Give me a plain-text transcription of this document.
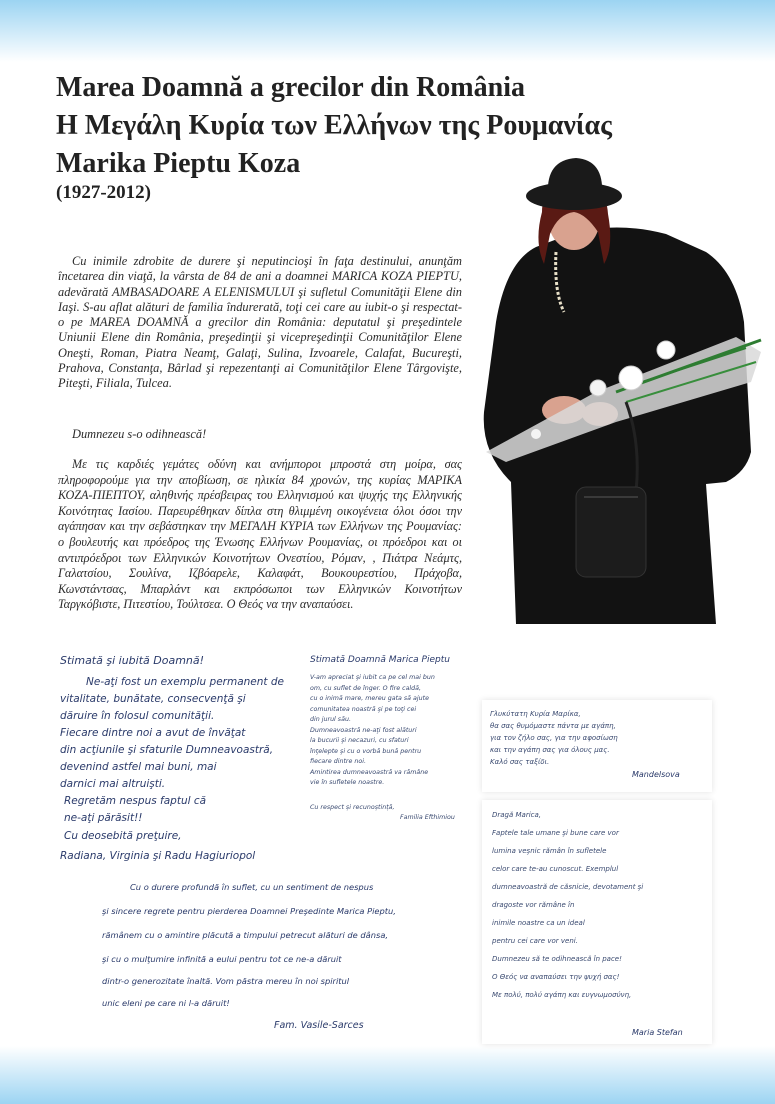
Marea Doamnă a grecilor din România
Η Μεγάλη Κυρία των Ελλήνων της Ρουμανίας
Marika Pieptu Koza
(1927-2012)

Cu inimile zdrobite de durere şi neputincioşi în faţa destinului, anunţăm încetarea din viaţă, la vârsta de 84 de ani a doamnei MARICA KOZA PIEPTU, adevărată AMBASADOARE A ELENISMULUI şi sufletul Comunităţii Elene din Iaşi. S-au aflat alături de familia îndurerată, toţi cei care au iubit-o şi respectat-o pe MAREA DOAMNĂ a grecilor din România: deputatul şi preşedintele Uniunii Elene din România, preşedinţii şi vicepreşedinţii Comunităţilor Elene Oneşti, Roman, Piatra Neamţ, Galaţi, Sulina, Izvoarele, Calafat, Bucureşti, Prahova, Constanţa, Bârlad şi repezentanţi ai Comunităţilor Elene Târgovişte, Piteşti, Filiala, Tulcea.

Dumnezeu s-o odihnească!

Με τις καρδιές γεμάτες οδύνη και ανήμποροι μπροστά στη μοίρα, σας πληροφορούμε για την αποβίωση, σε ηλικία 84 χρονών, της κυρίας ΜΑΡΙΚΑ ΚΟΖΑ-ΠΙΕΠΤΟΥ, αληθινής πρέσβειρας του Ελληνισμού και ψυχής της Ελληνικής Κοινότητας Ιασίου. Παρευρέθηκαν δίπλα στη θλιμμένη οικογένεια όλοι όσοι την αγάπησαν και την σεβάστηκαν την ΜΕΓΑΛΗ ΚΥΡΙΑ των Ελλήνων της Ρουμανίας: ο βουλευτής και πρόεδρος της Ένωσης Ελλήνων Ρουμανίας, οι πρόεδροι και οι αντιπρόεδροι των Ελληνικών Κοινοτήτων Ονεστίου, Ρόμαν, , Πιάτρα Νεάμτς, Γαλατσίου, Σουλίνα, Ιζβόαρελε, Καλαφάτ, Βουκουρεστίου, Πράχοβα, Κωνστάντσας, Μπαρλάντ και εκπρόσωποι των Ελληνικών Κοινοτήτων Ταργκόβιστε, Πιτεστίου, Τούλτσεα. Ο Θεός να την αναπαύσει.

Stimată şi iubită Doamnă!

Ne-aţi fost un exemplu permanent de

vitalitate, bunătate, consecvenţă şi

dăruire în folosul comunităţii.

Fiecare dintre noi a avut de învăţat

din acţiunile şi sfaturile Dumneavoastră,

devenind astfel mai buni, mai

darnici mai altruişti.

Regretăm nespus faptul că

ne-aţi părăsit!!

Cu deosebită preţuire,

Radiana, Virginia şi Radu Hagiuriopol

Stimată Doamnă Marica Pieptu

V-am apreciat şi iubit ca pe cel mai bun

om, cu suflet de înger. O fire caldă,

cu o inimă mare, mereu gata să ajute

comunitatea noastră şi pe toţi cei

din jurul său.

Dumneavoastră ne-aţi fost alături

la bucurii şi necazuri, cu sfaturi

înţelepte şi cu o vorbă bună pentru

fiecare dintre noi.

Amintirea dumneavoastră va rămâne

vie în sufletele noastre.

Cu respect și recunoștință,

Familia Efthimiou

Cu o durere profundă în suflet, cu un sentiment de nespus

şi sincere regrete pentru pierderea Doamnei Preşedinte Marica Pieptu,

rămânem cu o amintire plăcută a timpului petrecut alături de dânsa,

şi cu o mulţumire infinită a eului pentru tot ce ne-a dăruit

dintr-o generozitate înaltă. Vom păstra mereu în noi spiritul

unic eleni pe care ni l-a dăruit!

Fam. Vasile-Sarces

Γλυκύτατη Κυρία Μαρίκα,

θα σας θυμόμαστε πάντα με αγάπη,

για τον ζήλο σας, για την αφοσίωση

και την αγάπη σας για όλους μας.

Καλό σας ταξίδι.

Mandelsova

Dragă Marica,

Faptele tale umane şi bune care vor

lumina veşnic rămân în sufletele

celor care te-au cunoscut. Exemplul

dumneavoastră de căsnicie, devotament şi

dragoste vor rămâne în

inimile noastre ca un ideal

pentru cei care vor veni.

Dumnezeu să te odihnească în pace!

Ο Θεός να αναπαύσει την ψυχή σας!

Με πολύ, πολύ αγάπη και ευγνωμοσύνη,

Maria Stefan
